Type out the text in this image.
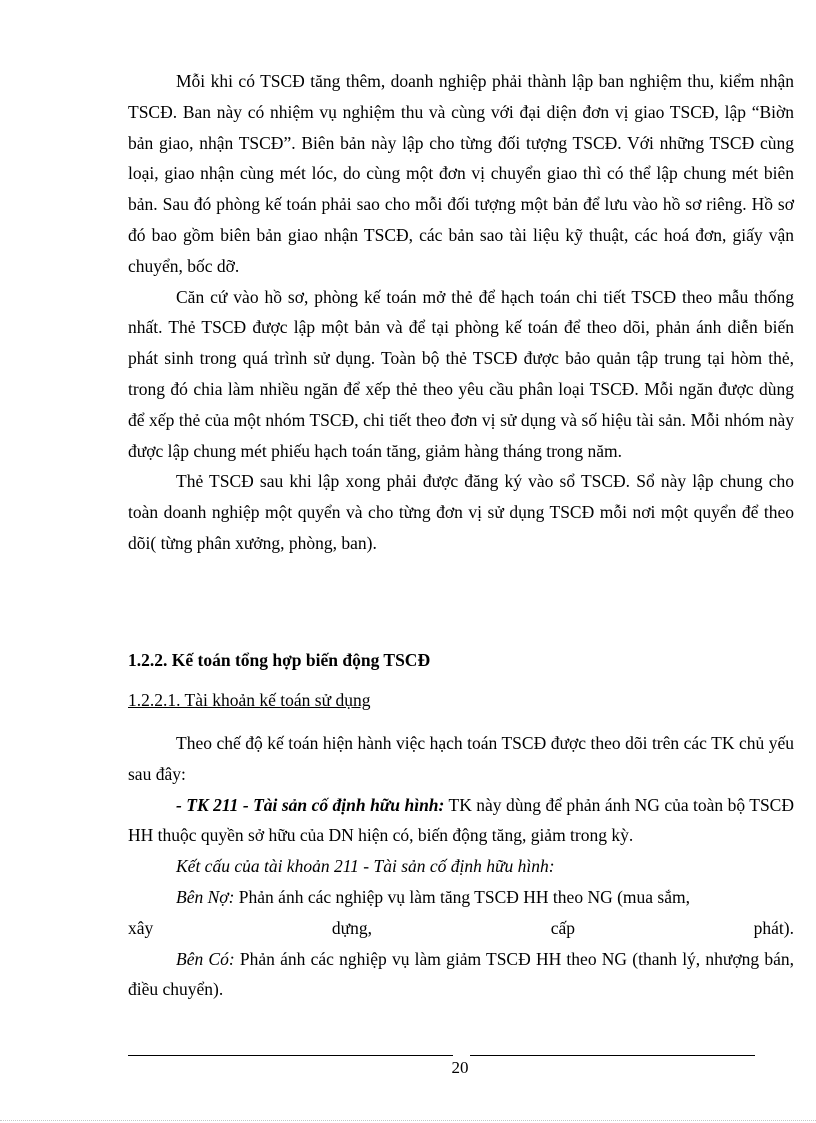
Mỗi khi có TSCĐ tăng thêm, doanh nghiệp phải thành lập ban nghiệm thu, kiểm nhận TSCĐ. Ban này có nhiệm vụ nghiệm thu và cùng với đại diện đơn vị giao TSCĐ, lập “Biờn bản giao, nhận TSCĐ”. Biên bản này lập cho từng đối tượng TSCĐ. Với những TSCĐ cùng loại, giao nhận cùng mét lóc, do cùng một đơn vị chuyển giao thì có thể lập chung mét biên bản. Sau đó phòng kế toán phải sao cho mỗi đối tượng một bản để lưu vào hồ sơ riêng. Hồ sơ đó bao gồm biên bản giao nhận TSCĐ, các bản sao tài liệu kỹ thuật, các hoá đơn, giấy vận chuyển, bốc dỡ.

Căn cứ vào hồ sơ, phòng kế toán mở thẻ để hạch toán chi tiết TSCĐ theo mẫu thống nhất. Thẻ TSCĐ được lập một bản và để tại phòng kế toán để theo dõi, phản ánh diễn biến phát sinh trong quá trình sử dụng. Toàn bộ thẻ TSCĐ được bảo quản tập trung tại hòm thẻ, trong đó chia làm nhiều ngăn để xếp thẻ theo yêu cầu phân loại TSCĐ. Mỗi ngăn được dùng để xếp thẻ của một nhóm TSCĐ, chi tiết theo đơn vị sử dụng và số hiệu tài sản. Mỗi nhóm này được lập chung mét phiếu hạch toán tăng, giảm hàng tháng trong năm.

Thẻ TSCĐ sau khi lập xong phải được đăng ký vào sổ TSCĐ. Sổ này lập chung cho toàn doanh nghiệp một quyển và cho từng đơn vị sử dụng TSCĐ mỗi nơi một quyển để theo dõi( từng phân xưởng, phòng, ban).

1.2.2. Kế toán tổng hợp biến động TSCĐ
1.2.2.1. Tài khoản kế toán sử dụng

Theo chế độ kế toán hiện hành việc hạch toán TSCĐ được theo dõi trên các TK chủ yếu sau đây:

- TK 211 - Tài sản cố định hữu hình: TK này dùng để phản ánh NG của toàn bộ TSCĐ HH thuộc quyền sở hữu của DN hiện có, biến động tăng, giảm trong kỳ.

Kết cấu của tài khoản 211 - Tài sản cố định hữu hình:

Bên Nợ: Phản ánh các nghiệp vụ làm tăng TSCĐ HH theo NG (mua sắm,

xây	dựng,	cấp	phát).

Bên Có: Phản ánh các nghiệp vụ làm giảm TSCĐ HH theo NG (thanh lý, nhượng bán, điều chuyển).

20
